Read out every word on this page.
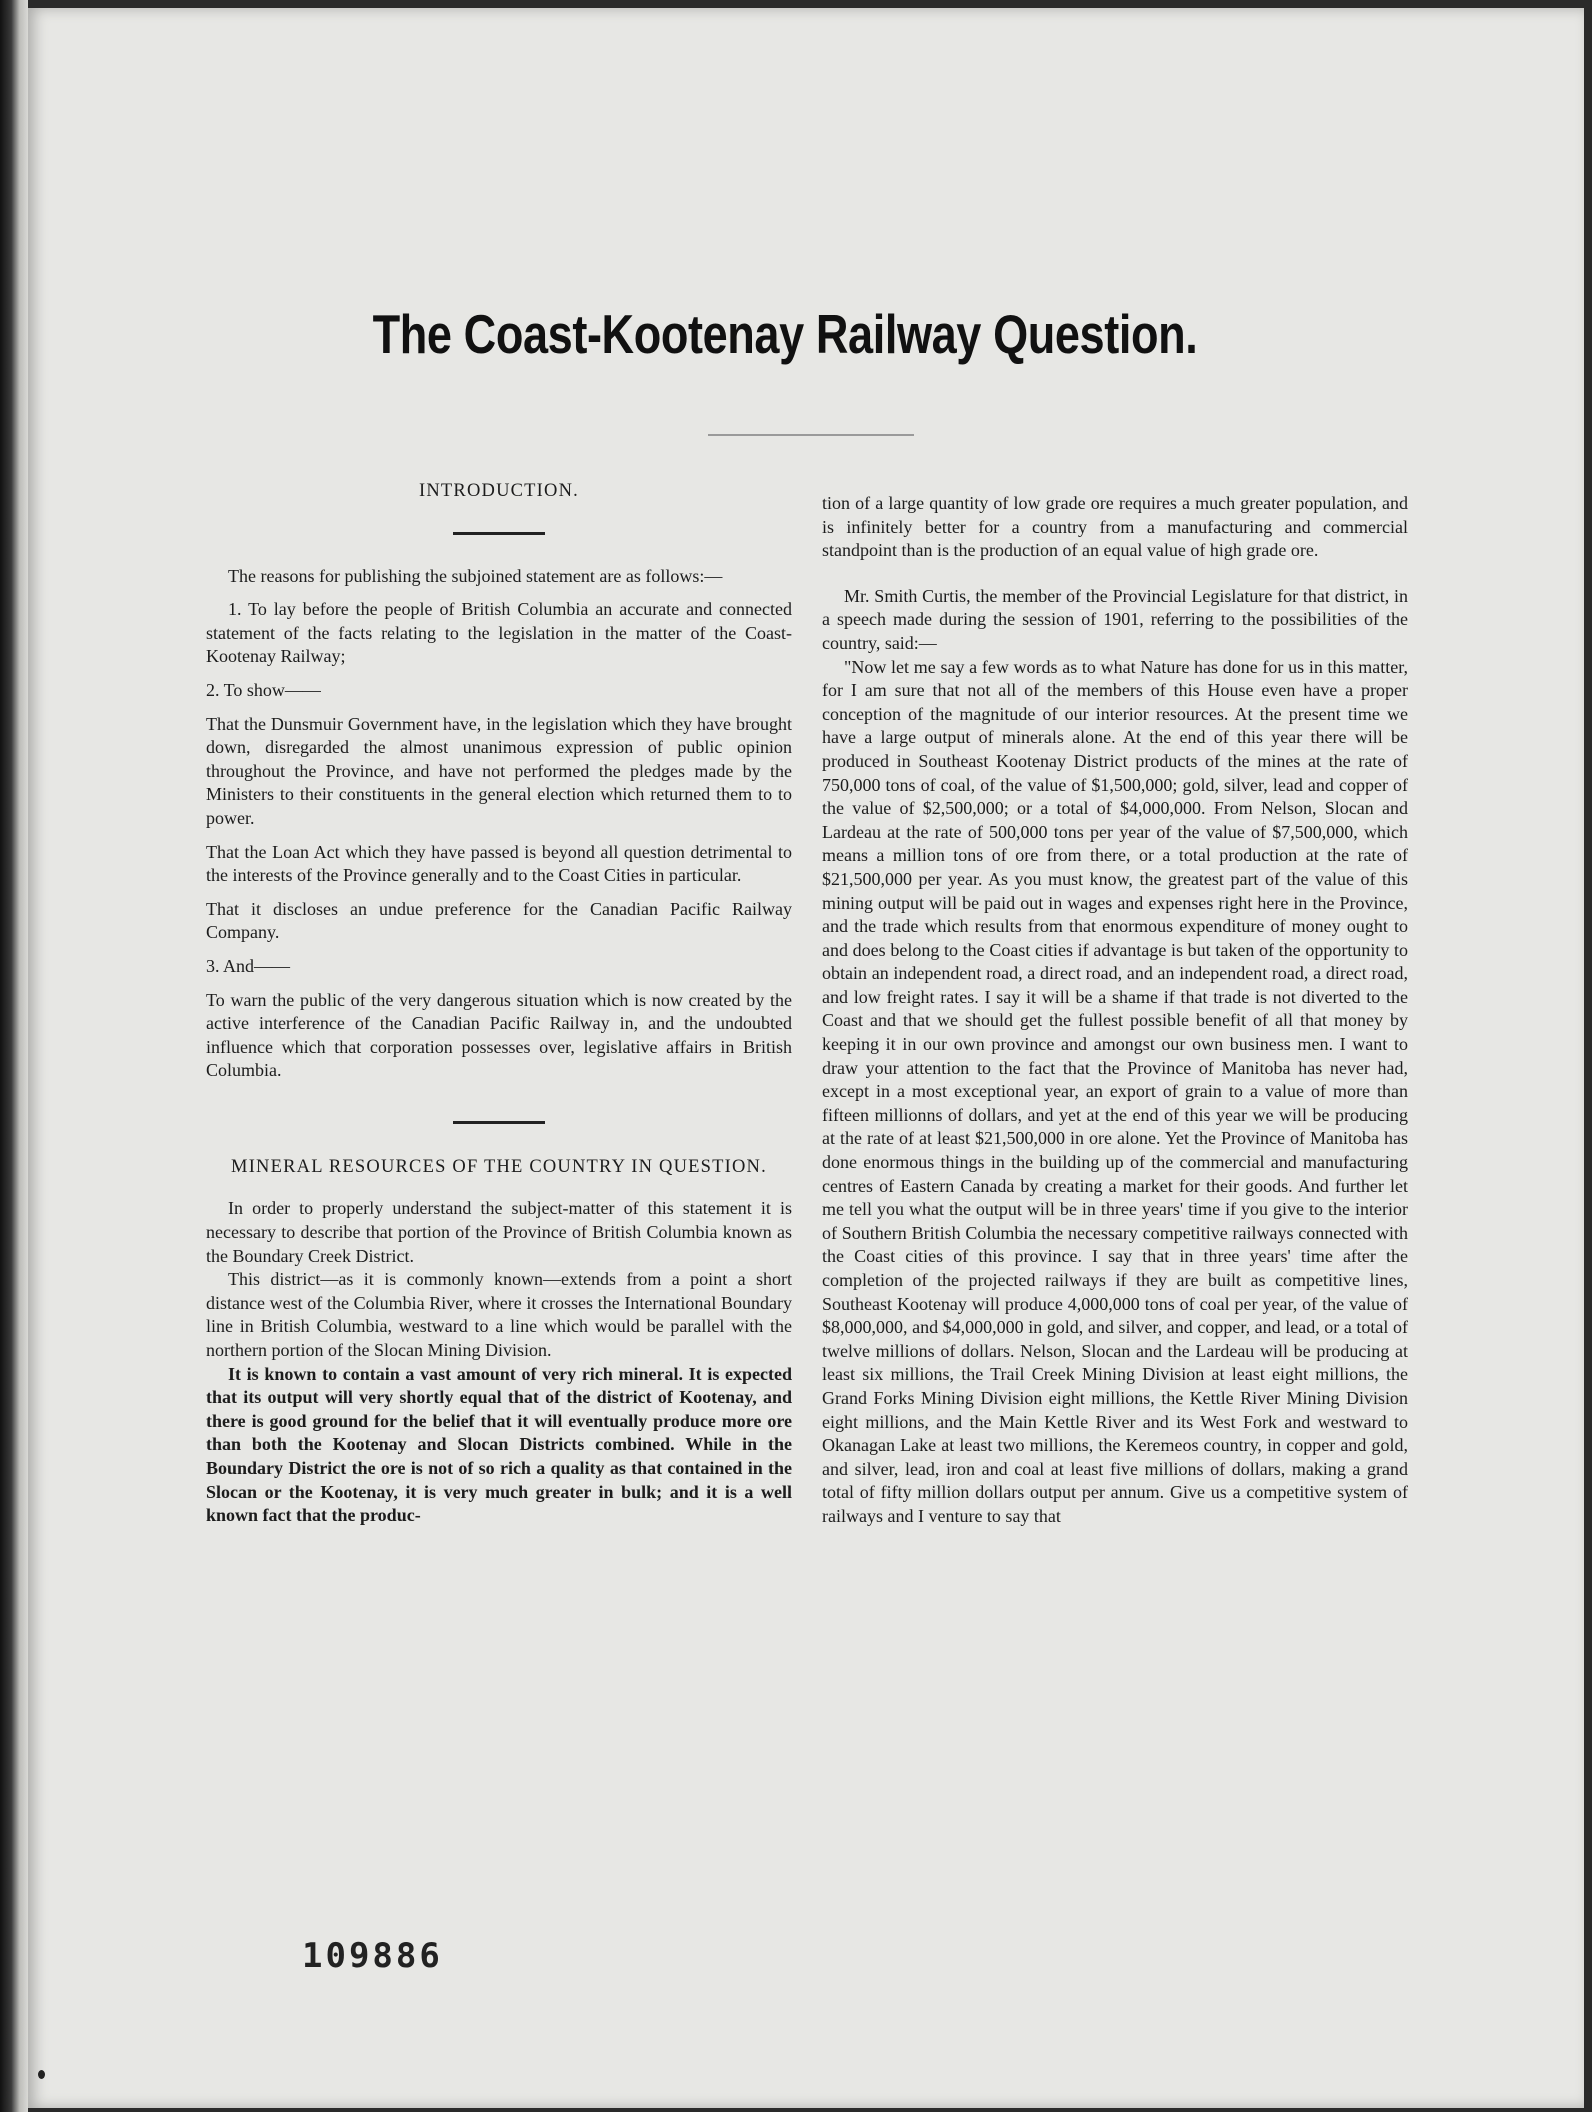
The Coast-Kootenay Railway Question.

INTRODUCTION.

The reasons for publishing the subjoined statement are as follows:—

1. To lay before the people of British Columbia an accurate and connected statement of the facts relating to the legislation in the matter of the Coast-Kootenay Railway;

2. To show——

That the Dunsmuir Government have, in the legislation which they have brought down, disregarded the almost unanimous expression of public opinion throughout the Province, and have not performed the pledges made by the Ministers to their constituents in the general election which returned them to to power.

That the Loan Act which they have passed is beyond all question detrimental to the interests of the Province generally and to the Coast Cities in particular.

That it discloses an undue preference for the Canadian Pacific Railway Company.

3. And——

To warn the public of the very dangerous situation which is now created by the active interference of the Canadian Pacific Railway in, and the undoubted influence which that corporation possesses over, legislative affairs in British Columbia.

MINERAL RESOURCES OF THE COUNTRY IN QUESTION.

In order to properly understand the subject-matter of this statement it is necessary to describe that portion of the Province of British Columbia known as the Boundary Creek District.

This district—as it is commonly known—extends from a point a short distance west of the Columbia River, where it crosses the International Boundary line in British Columbia, westward to a line which would be parallel with the northern portion of the Slocan Mining Division.

It is known to contain a vast amount of very rich mineral. It is expected that its output will very shortly equal that of the district of Kootenay, and there is good ground for the belief that it will eventually produce more ore than both the Kootenay and Slocan Districts combined. While in the Boundary District the ore is not of so rich a quality as that contained in the Slocan or the Kootenay, it is very much greater in bulk; and it is a well known fact that the produc-

tion of a large quantity of low grade ore requires a much greater population, and is infinitely better for a country from a manufacturing and commercial standpoint than is the production of an equal value of high grade ore.

Mr. Smith Curtis, the member of the Provincial Legislature for that district, in a speech made during the session of 1901, referring to the possibilities of the country, said:—

"Now let me say a few words as to what Nature has done for us in this matter, for I am sure that not all of the members of this House even have a proper conception of the magnitude of our interior resources. At the present time we have a large output of minerals alone. At the end of this year there will be produced in Southeast Kootenay District products of the mines at the rate of 750,000 tons of coal, of the value of $1,500,000; gold, silver, lead and copper of the value of $2,500,000; or a total of $4,000,000. From Nelson, Slocan and Lardeau at the rate of 500,000 tons per year of the value of $7,500,000, which means a million tons of ore from there, or a total production at the rate of $21,500,000 per year. As you must know, the greatest part of the value of this mining output will be paid out in wages and expenses right here in the Province, and the trade which results from that enormous expenditure of money ought to and does belong to the Coast cities if advantage is but taken of the opportunity to obtain an independent road, a direct road, and an independent road, a direct road, and low freight rates. I say it will be a shame if that trade is not diverted to the Coast and that we should get the fullest possible benefit of all that money by keeping it in our own province and amongst our own business men. I want to draw your attention to the fact that the Province of Manitoba has never had, except in a most exceptional year, an export of grain to a value of more than fifteen millionns of dollars, and yet at the end of this year we will be producing at the rate of at least $21,500,000 in ore alone. Yet the Province of Manitoba has done enormous things in the building up of the commercial and manufacturing centres of Eastern Canada by creating a market for their goods. And further let me tell you what the output will be in three years' time if you give to the interior of Southern British Columbia the necessary competitive railways connected with the Coast cities of this province. I say that in three years' time after the completion of the projected railways if they are built as competitive lines, Southeast Kootenay will produce 4,000,000 tons of coal per year, of the value of $8,000,000, and $4,000,000 in gold, and silver, and copper, and lead, or a total of twelve millions of dollars. Nelson, Slocan and the Lardeau will be producing at least six millions, the Trail Creek Mining Division at least eight millions, the Grand Forks Mining Division eight millions, the Kettle River Mining Division eight millions, and the Main Kettle River and its West Fork and westward to Okanagan Lake at least two millions, the Keremeos country, in copper and gold, and silver, lead, iron and coal at least five millions of dollars, making a grand total of fifty million dollars output per annum. Give us a competitive system of railways and I venture to say that

109886
